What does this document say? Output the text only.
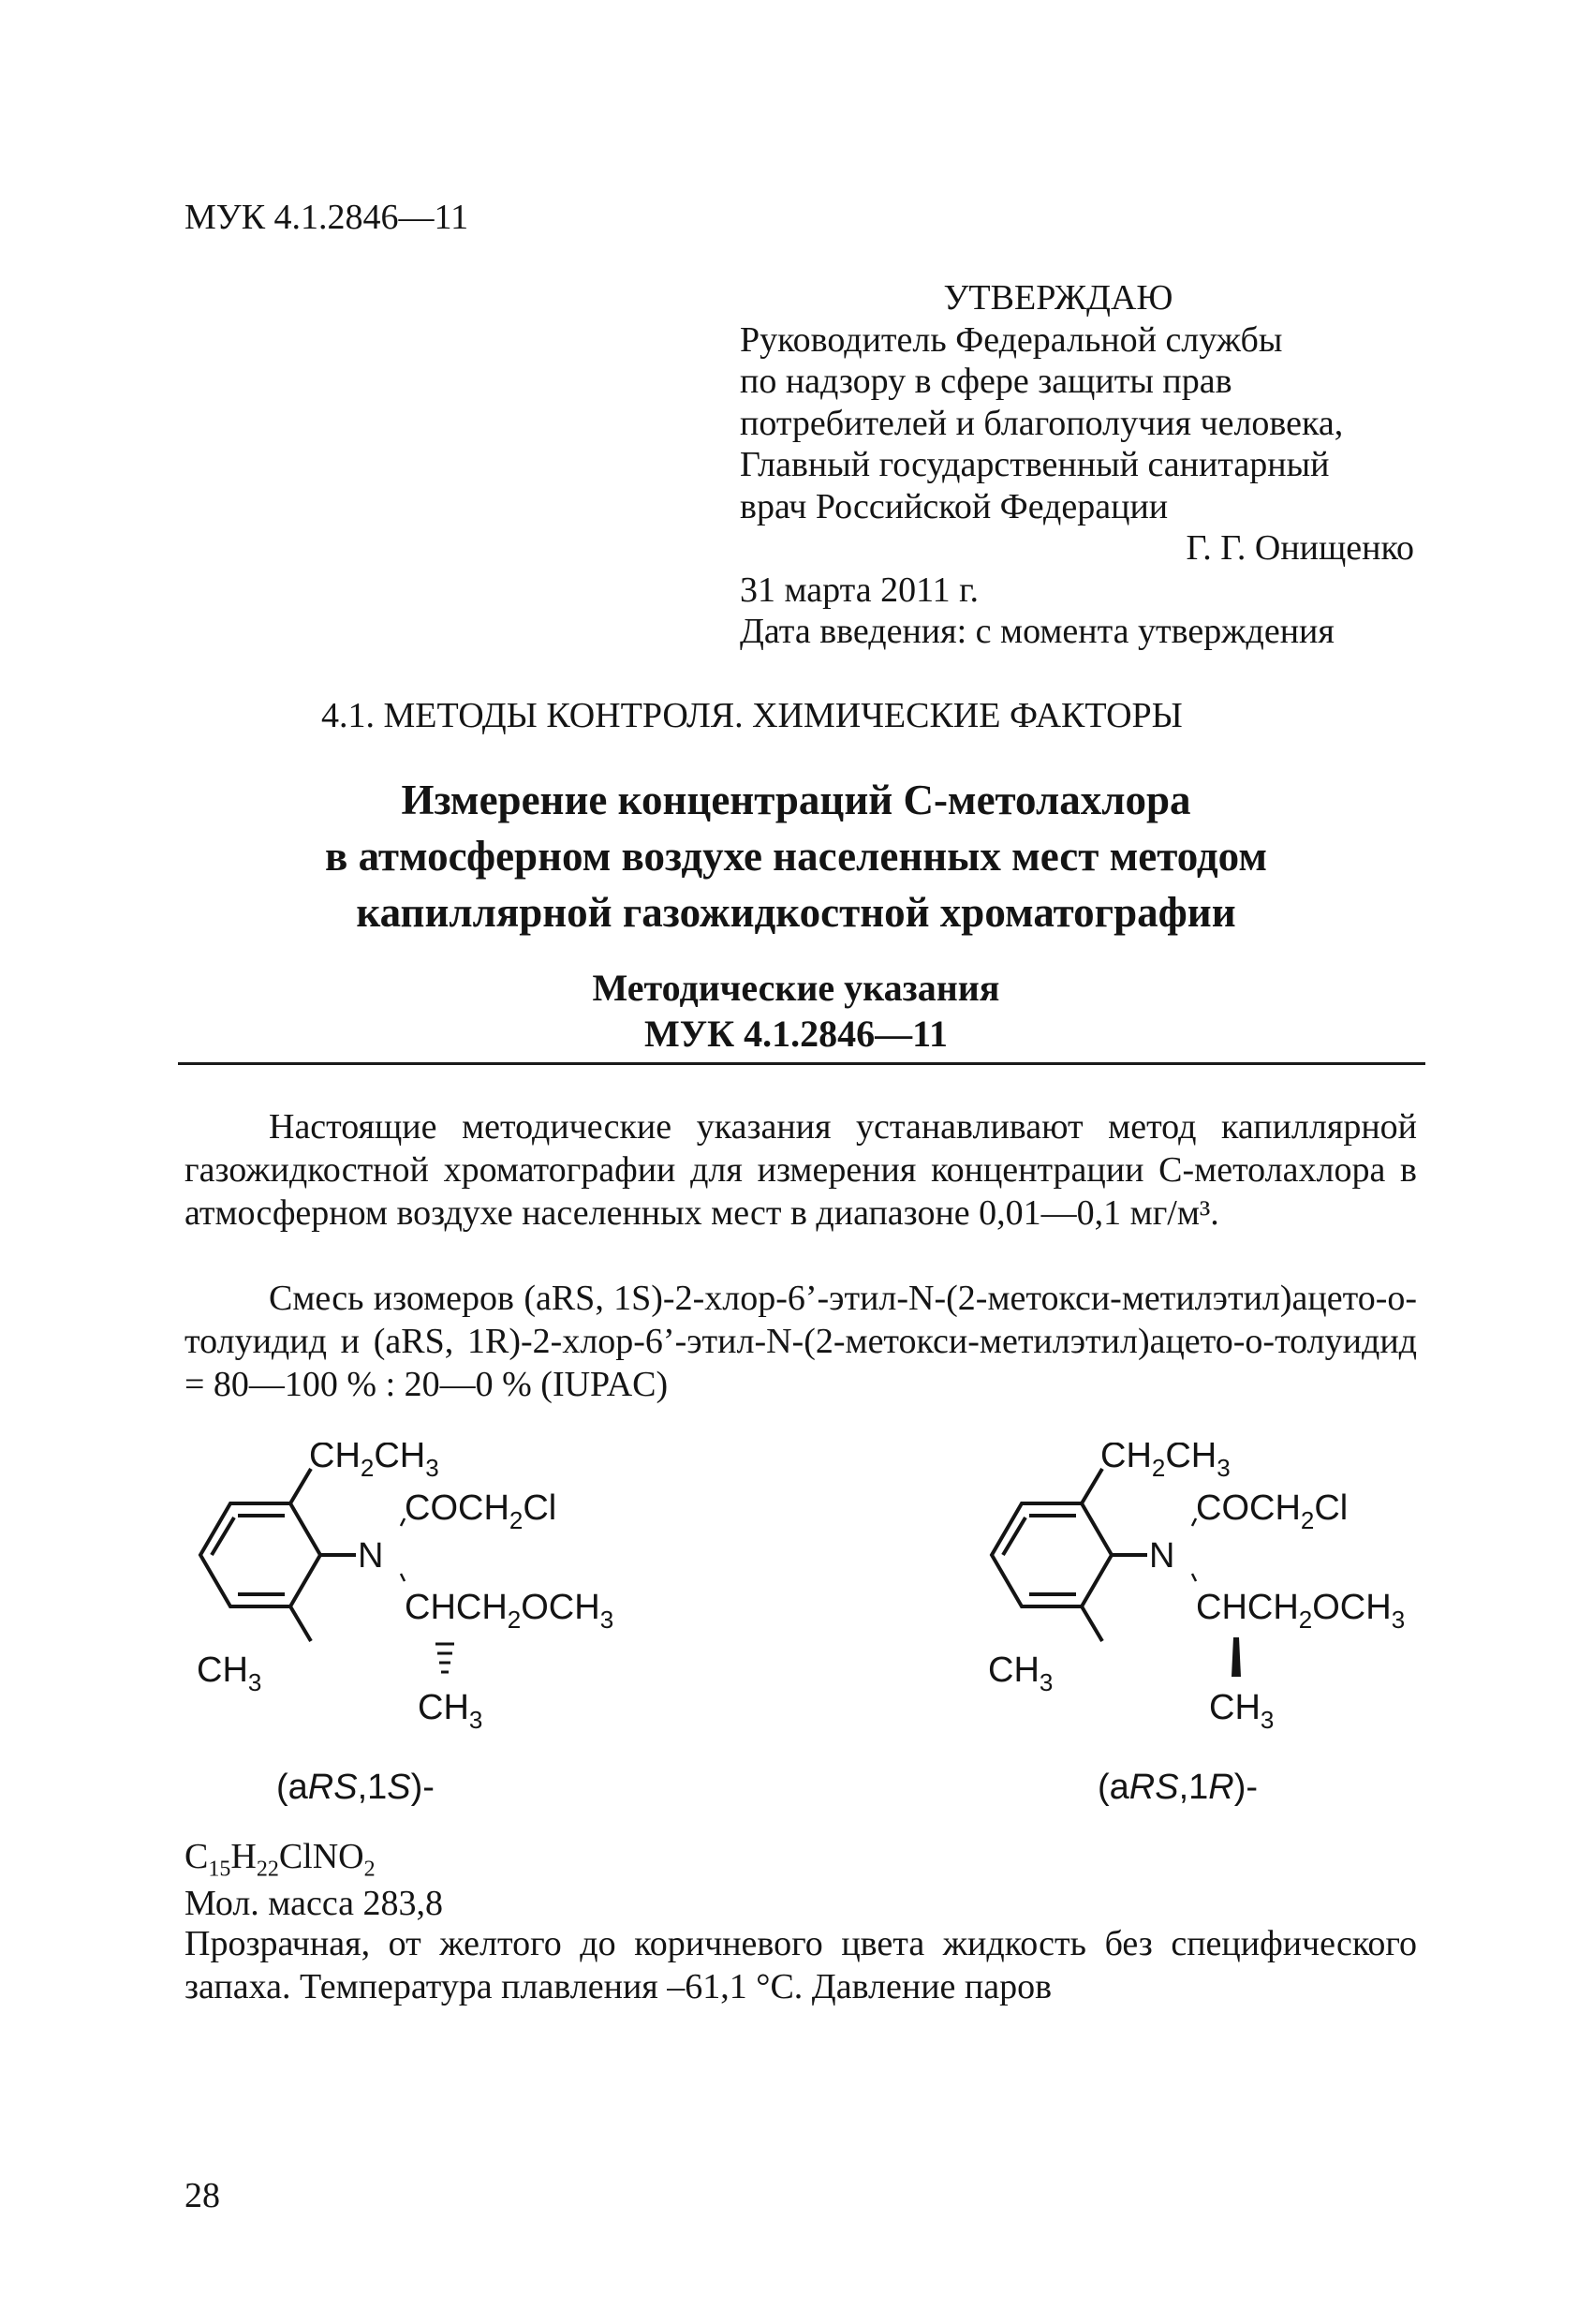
МУК 4.1.2846—11
УТВЕРЖДАЮ
Руководитель Федеральной службы
по надзору в сфере защиты прав
потребителей и благополучия человека,
Главный государственный санитарный
врач Российской Федерации
Г. Г. Онищенко
31 марта 2011 г.
Дата введения: с момента утверждения
4.1. МЕТОДЫ КОНТРОЛЯ. ХИМИЧЕСКИЕ ФАКТОРЫ
Измерение концентраций С-метолахлора
в атмосферном воздухе населенных мест методом
капиллярной газожидкостной хроматографии
Методические указания
МУК 4.1.2846—11
Настоящие методические указания устанавливают метод капиллярной газожидкостной хроматографии для измерения концентрации С-метолахлора в атмосферном воздухе населенных мест в диапазоне 0,01—0,1 мг/м³.
Смесь изомеров (aRS, 1S)-2-хлор-6’-этил-N-(2-метокси-метилэтил)ацето-о-толуидид и (aRS, 1R)-2-хлор-6’-этил-N-(2-метокси-метилэтил)ацето-о-толуидид = 80—100 % : 20—0 % (IUPAC)
$CH_2CH_3$
$COCH_2Cl$
N
$CHCH_2OCH_3$
$CH_3$
$CH_3$
(aRS,1S)-
$CH_2CH_3$
$COCH_2Cl$
N
$CHCH_2OCH_3$
$CH_3$
$CH_3$
(aRS,1R)-
$C_{15}H_{22}ClNO_2$
Мол. масса 283,8
Прозрачная, от желтого до коричневого цвета жидкость без специфического запаха. Температура плавления –61,1 °С. Давление паров
28
